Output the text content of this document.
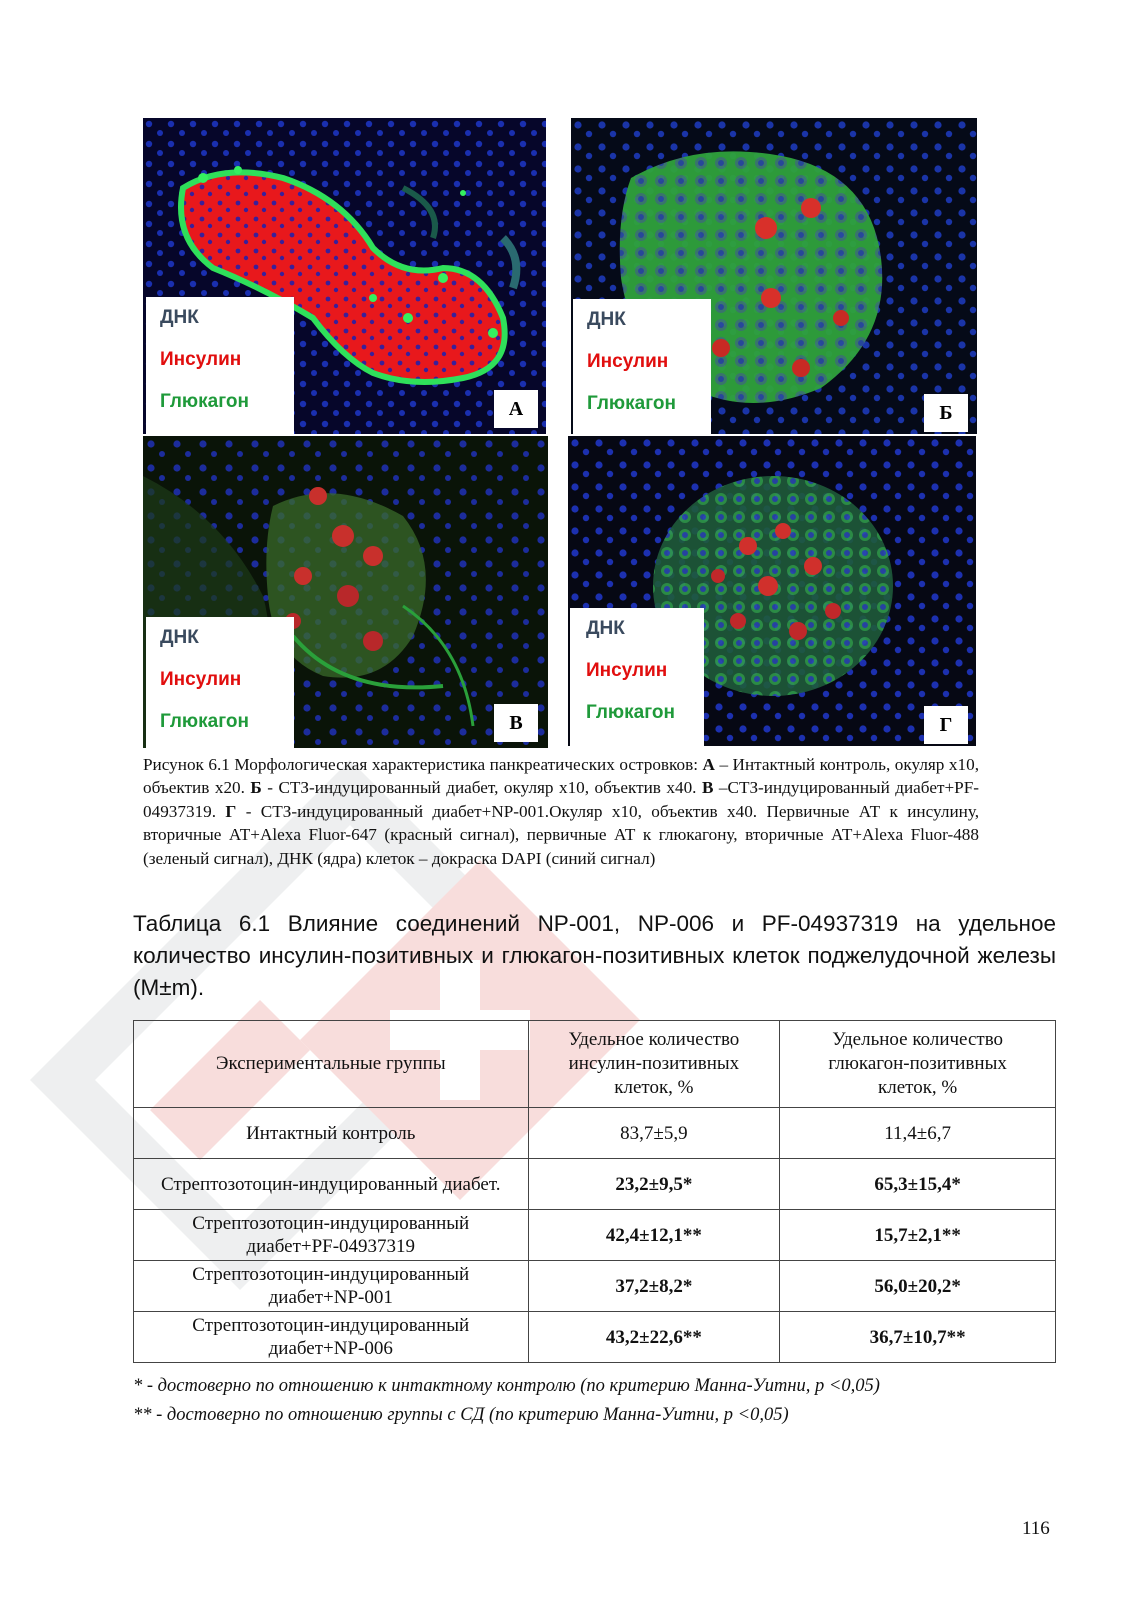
ДНК
Инсулин
Глюкагон	А
ДНК
Инсулин
Глюкагон	Б
ДНК
Инсулин
Глюкагон	В
ДНК
Инсулин
Глюкагон
Г
Рисунок 6.1 Морфологическая характеристика панкреатических островков: А – Интактный контроль, окуляр х10, объектив х20. Б - СТЗ-индуцированный диабет, окуляр х10, объектив х40. В –СТЗ-индуцированный диабет+PF-04937319. Г - СТЗ-индуцированный диабет+NP-001.Окуляр х10, объектив х40. Первичные АТ к инсулину, вторичные АТ+Alexa Fluor-647 (красный сигнал), первичные АТ к глюкагону, вторичные АТ+Alexa Fluor-488 (зеленый сигнал), ДНК (ядра) клеток – докраска DAPI (синий сигнал)
Таблица 6.1 Влияние соединений NP-001, NP-006 и PF-04937319 на удельное количество инсулин-позитивных и глюкагон-позитивных клеток поджелудочной железы (M±m).
Экспериментальные группы	Удельное количество инсулин-позитивных клеток, %	Удельное количество глюкагон-позитивных клеток, %
Интактный контроль	83,7±5,9	11,4±6,7
Стрептозотоцин-индуцированный диабет.	23,2±9,5*	65,3±15,4*
Стрептозотоцин-индуцированный диабет+PF-04937319	42,4±12,1**	15,7±2,1**
Стрептозотоцин-индуцированный диабет+NP-001	37,2±8,2*	56,0±20,2*
Стрептозотоцин-индуцированный диабет+NP-006	43,2±22,6**	36,7±10,7**
* - достоверно по отношению к интактному контролю (по критерию Манна-Уитни, р <0,05)
** - достоверно по отношению группы с СД (по критерию Манна-Уитни, р <0,05)
116
